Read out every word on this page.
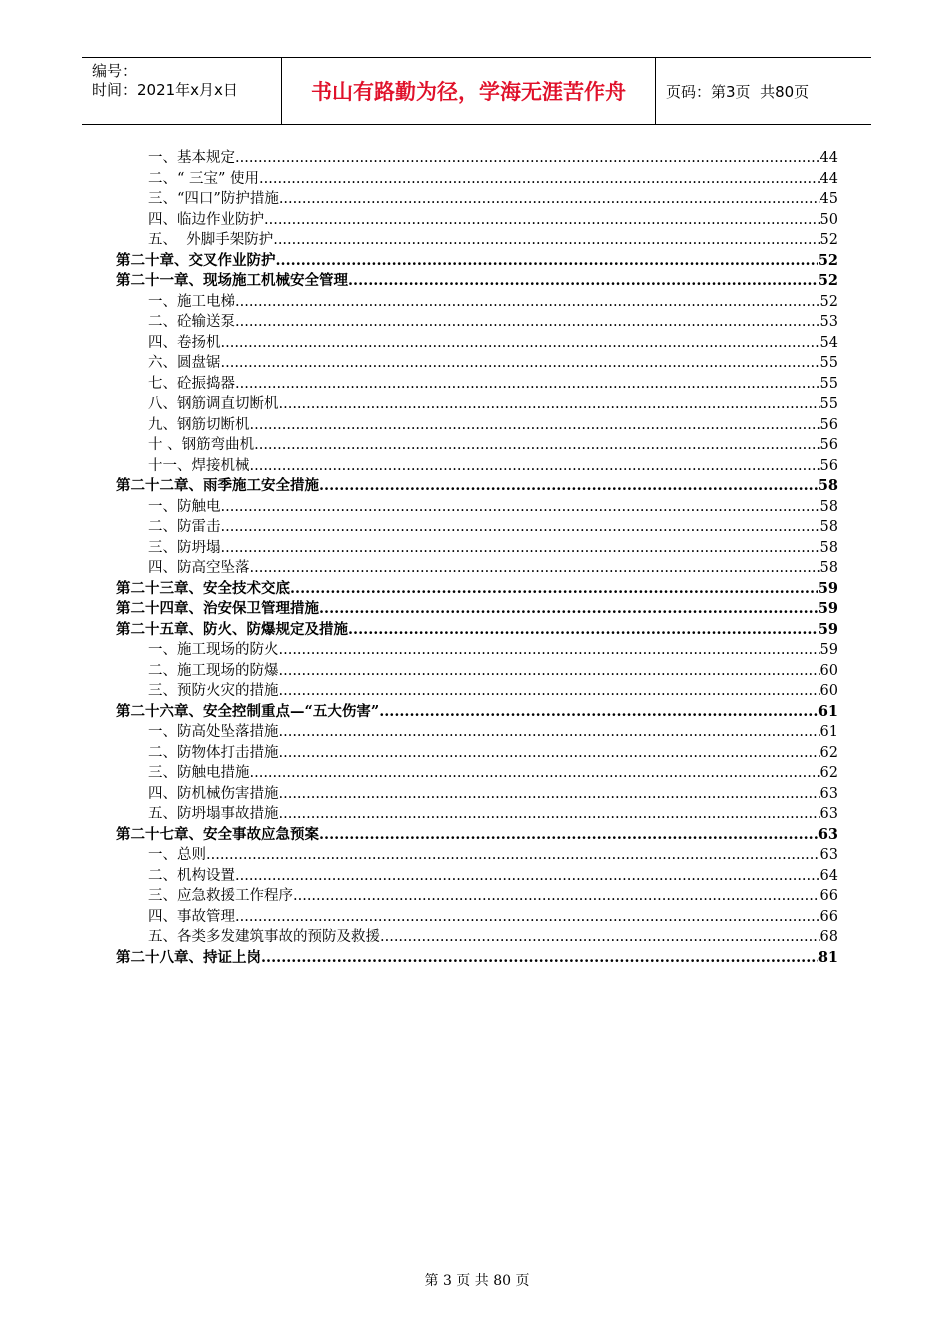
编号：
时间：2021年x月x日	书山有路勤为径，学海无涯苦作舟	页码：第3页  共80页
一、基本规定 .....	44
二、“ 三宝” 使用 .....	44
三、“四口”防护措施 .....	45
四、临边作业防护 .....	50
五、  外脚手架防护 .....	52
第二十章、交叉作业防护 .....	52
第二十一章、现场施工机械安全管理 .....	52
一、施工电梯 .....	52
二、砼输送泵 .....	53
四、卷扬机 .....	54
六、圆盘锯 .....	55
七、砼振捣器 .....	55
八、钢筋调直切断机 .....	55
九、钢筋切断机 .....	56
十 、钢筋弯曲机 .....	56
十一、焊接机械 .....	56
第二十二章、雨季施工安全措施 .....	58
一、防触电 .....	58
二、防雷击 .....	58
三、防坍塌 .....	58
四、防高空坠落 .....	58
第二十三章、安全技术交底 .....	59
第二十四章、治安保卫管理措施 .....	59
第二十五章、防火、防爆规定及措施 .....	59
一、施工现场的防火 .....	59
二、施工现场的防爆 .....	60
三、预防火灾的措施 .....	60
第二十六章、安全控制重点—“五大伤害” .....	61
一、防高处坠落措施 .....	61
二、防物体打击措施 .....	62
三、防触电措施 .....	62
四、防机械伤害措施 .....	63
五、防坍塌事故措施 .....	63
第二十七章、安全事故应急预案 .....	63
一、总则 .....	63
二、机构设置 .....	64
三、应急救援工作程序 .....	66
四、事故管理 .....	66
五、各类多发建筑事故的预防及救援 .....	68
第二十八章、持证上岗 .....	81
第 3 页 共 80 页
